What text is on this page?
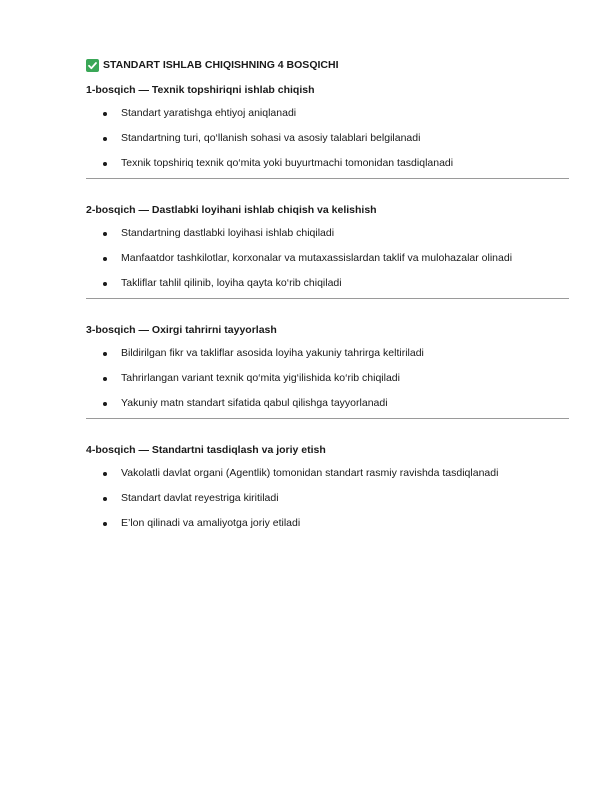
STANDART ISHLAB CHIQISHNING 4 BOSQICHI
1-bosqich — Texnik topshiriqni ishlab chiqish
Standart yaratishga ehtiyoj aniqlanadi
Standartning turi, qo‘llanish sohasi va asosiy talablari belgilanadi
Texnik topshiriq texnik qo‘mita yoki buyurtmachi tomonidan tasdiqlanadi
2-bosqich — Dastlabki loyihani ishlab chiqish va kelishish
Standartning dastlabki loyihasi ishlab chiqiladi
Manfaatdor tashkilotlar, korxonalar va mutaxassislardan taklif va mulohazalar olinadi
Takliflar tahlil qilinib, loyiha qayta ko‘rib chiqiladi
3-bosqich — Oxirgi tahrirni tayyorlash
Bildirilgan fikr va takliflar asosida loyiha yakuniy tahrirga keltiriladi
Tahrirlangan variant texnik qo‘mita yig‘ilishida ko‘rib chiqiladi
Yakuniy matn standart sifatida qabul qilishga tayyorlanadi
4-bosqich — Standartni tasdiqlash va joriy etish
Vakolatli davlat organi (Agentlik) tomonidan standart rasmiy ravishda tasdiqlanadi
Standart davlat reyestriga kiritiladi
E’lon qilinadi va amaliyotga joriy etiladi
